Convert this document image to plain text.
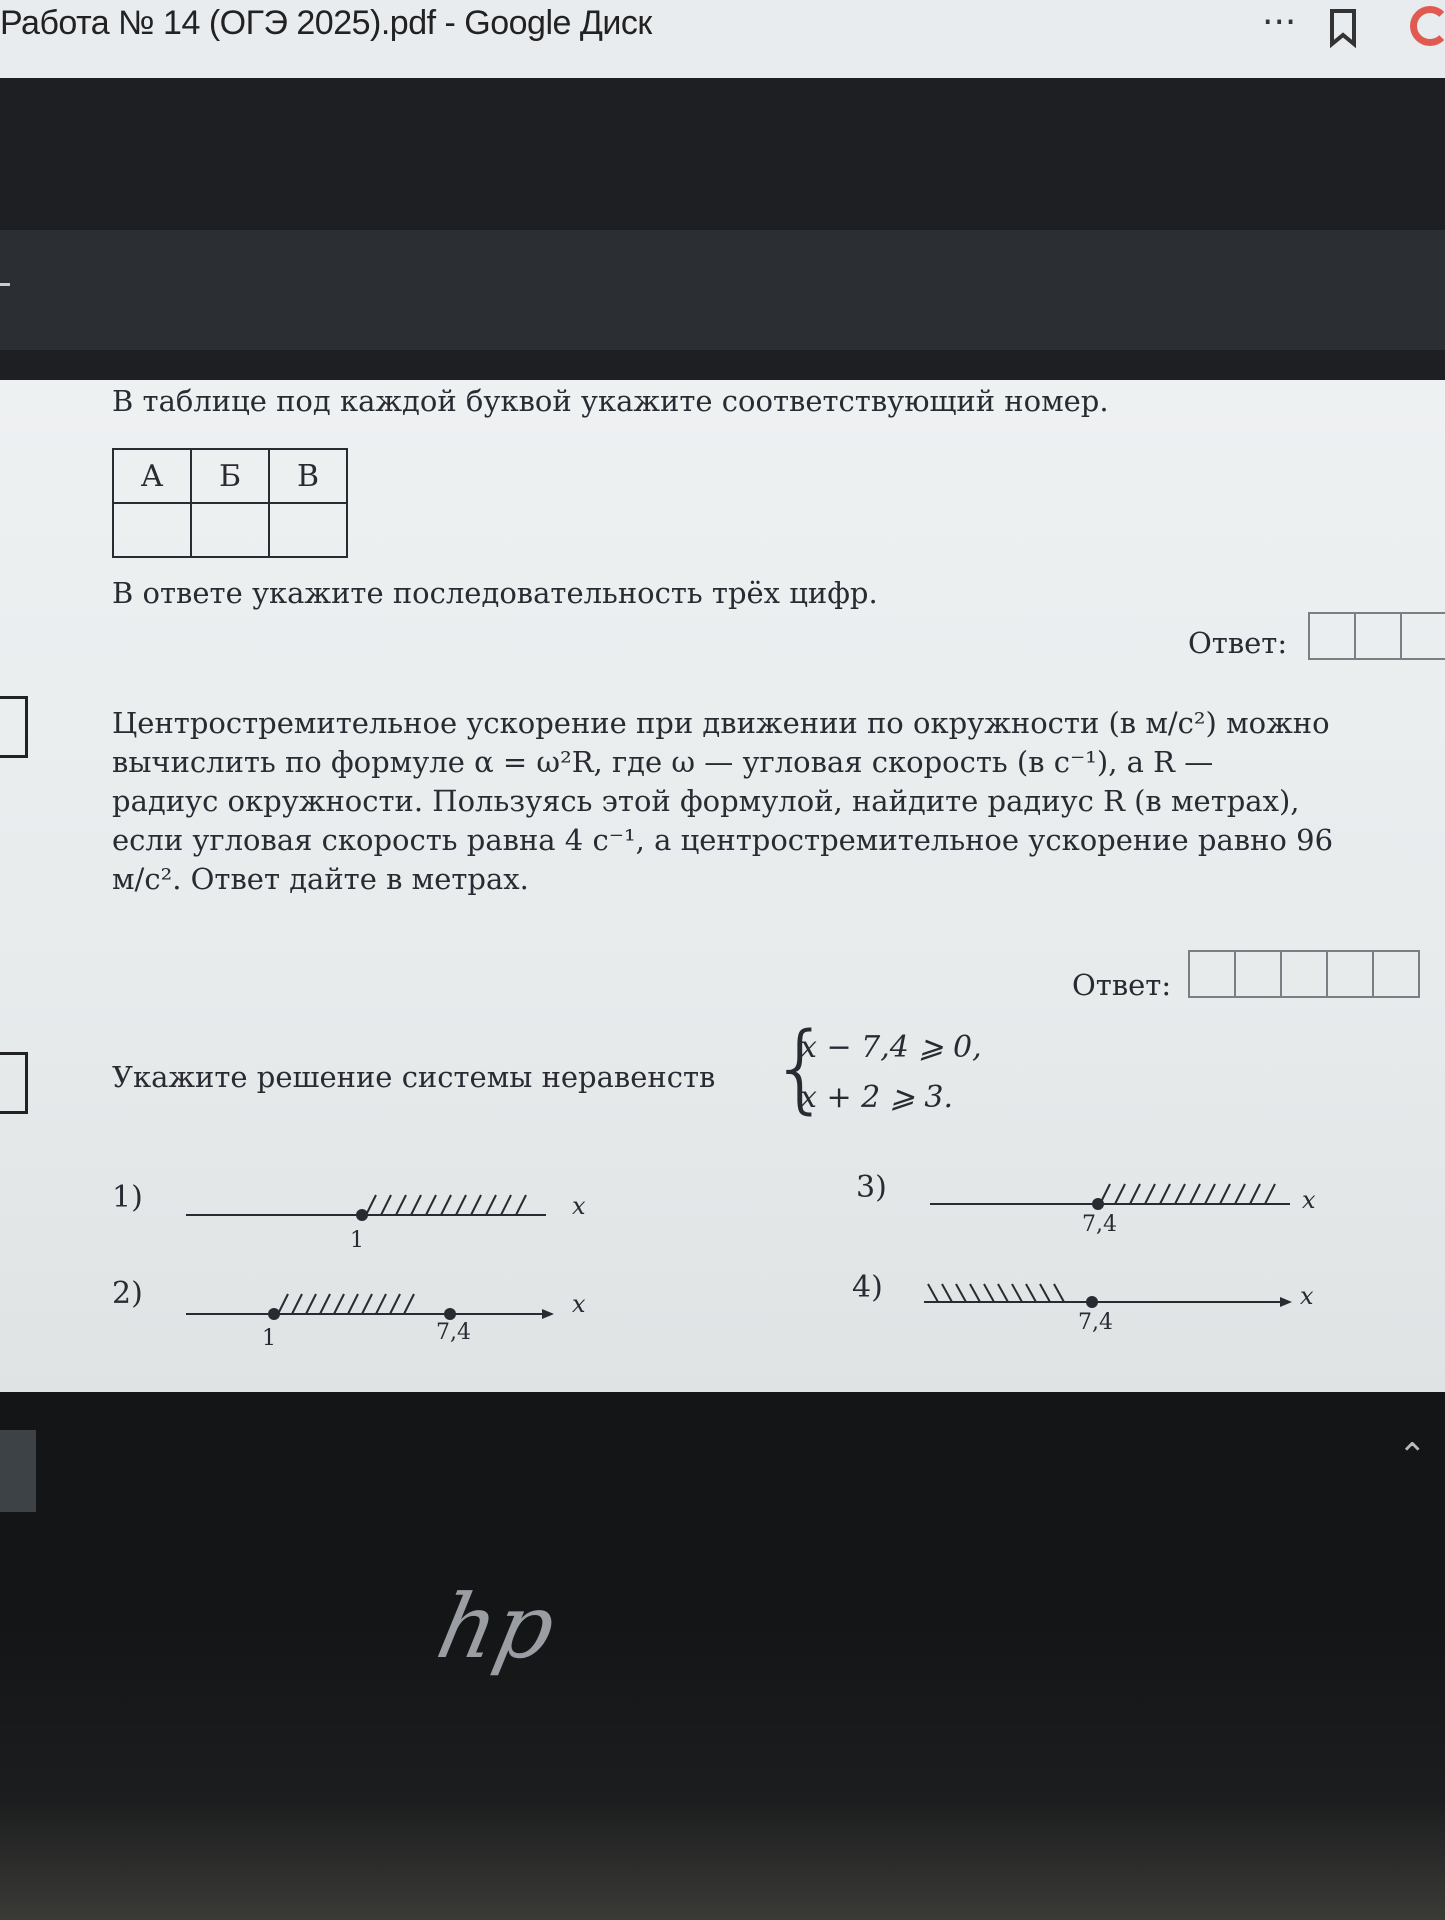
Работа № 14 (ОГЭ 2025).pdf - Google Диск	···
В таблице под каждой буквой укажите соответствующий номер.
А	Б	В

В ответе укажите последовательность трёх цифр.
Ответ:
Центростремительное ускорение при движении по окружности (в м/с²) можно
вычислить по формуле α = ω²R, где ω — угловая скорость (в с⁻¹), а R —
радиус окружности. Пользуясь этой формулой, найдите радиус R (в метрах),
если угловая скорость равна 4 с⁻¹, а центростремительное ускорение равно 96
м/с². Ответ дайте в метрах.
Ответ:
Укажите решение системы неравенств {
x − 7,4 ⩾ 0,
x + 2 ⩾ 3.
1)
1
x
2)
1	7,4
x
3)
7,4
x
4)
7,4
x
⌃
hp
